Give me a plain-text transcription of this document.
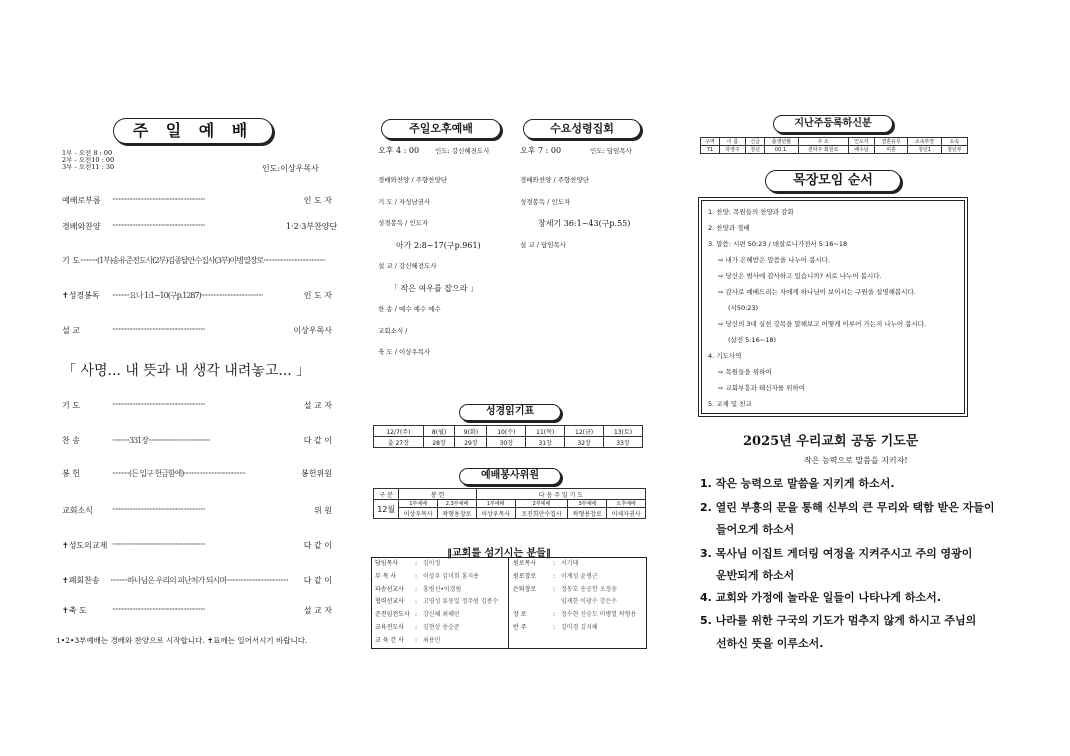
주 일 예 배
1부 - 오전 8 : 00
2부 - 오전10 : 00
3부 - 오전11 : 30	인도:이상우목사
예배로부름	····························································	인 도 자
경배와찬양	····························································	1·2·3부찬양단
기 도 ···········(1부)송유준전도사(2부)김종달안수집사(3부)이병열장로········································
✝성경봉독	···········요나 1:1~10(구p.1287)········································	인 도 자
설 교	····························································	이상우목사
기 도	····························································	설 교 자
찬 송	···········331장········································	다 같 이
봉 헌	···········(든 입구 헌금함에)········································	봉헌위원
교회소식	····························································	위 원
✝성도의교제 ····························································	다 같 이
✝폐회찬송	···········하나님은 우리의 피난처가 되시며········································	다 같 이
✝축 도	····························································	설 교 자
「 사명... 내 뜻과 내 생각 내려놓고... 」
1•2•3부예배는 경배와 찬양으로 시작합니다. ✝표에는 일어서시기 바랍니다.
주일오후예배	수요성령집회
오후 4 : 00 인도: 강신혜전도사
경배와찬양 / 주향찬양단
기 도 / 자성남권사
성경봉독 / 인도자
아가 2:8~17(구p.961)
설 교 / 강신혜전도사
「 작은 여우를 잡으라 」
찬 송 / 예수 예수 예수
교회소식 /
축 도 / 이상우목사
오후 7 : 00	인도: 담임목사
경배와찬양 / 주향찬양단
성경봉독 / 인도자
창세기 36:1~43(구p.55)
설 교 / 담임목사
성경읽기표
12/7(주)	8(월)	9(화)	10(수)	11(목)	12(금)	13(토)
출 27장	28장	29장	30장	31장	32장	33장
예배봉사위원
구 분	봉 헌		다 음 주 일 기 도			
12월	1부예배	2,3부예배	1부예배	2부예배	3부예배	오후예배
	이상우목사	곽형용장로	이상우목사	조진희안수집사	곽형용장로	이세자권사
‖교회를 섬기시는 분들‖
담임목사	: 김이정
부 목 사	: 이상우 김미희 홍지용
파송선교사	: 홍병선•이경림
협력선교사	: 고영성 류동일 정주원 김종수
준전임전도사 : 강신혜 최혜민
교육전도사	: 김현상 송승준
교 육 간 사	: 최용민
원로목사	: 서기태
원로장로	: 이계성 윤병근
은퇴장로	: 정동호 송공헌 오정웅
임재한 이광수 강은수
장 로	: 정수현 신승도 이병열 곽형용
반 주	: 김미경 김지혜
지난주등록하신분
구역	이 름	신급	출생년월	주 소	인도자	결혼유무	소속부장	소속
71	하영주	청년	00.1.	전라주 회원로	배수남	미혼	청년1	청년부
목장모임 순서
1. 찬양: 목원들의 찬양과 감화
2. 찬양과 경배
3. 말씀: 시편 50:23 / 데살로니가전서 5:16~18
⇨ 내가 은혜받은 말씀을 나누어 봅시다.
⇨ 당신은 범사에 감사하고 있습니까? 서로 나누어 봅시다.
⇨ 감사로 예배드리는 자에게 하나님이 보이시는 구원을 설명해봅시다.
(시50:23)
⇨ 당신의 3대 실천 강목을 말해보고 어떻게 이루어 가는지 나누어 봅시다.
(살전 5:16~18)
4. 기도사역
⇨ 목원들을 위하여
⇨ 교회부흥과 태신자를 위하여
5. 교제 및 친교
2025년 우리교회 공동 기도문
작은 능력으로 말씀을 지키자!
1. 작은 능력으로 말씀을 지키게 하소서.
2. 열린 부흥의 문을 통해 신부의 큰 무리와 택함 받은 자들이
들어오게 하소서
3. 목사님 이집트 게더링 여정을 지켜주시고 주의 영광이
운반되게 하소서
4. 교회와 가정에 놀라운 일들이 나타나게 하소서.
5. 나라를 위한 구국의 기도가 멈추지 않게 하시고 주님의
선하신 뜻을 이루소서.
